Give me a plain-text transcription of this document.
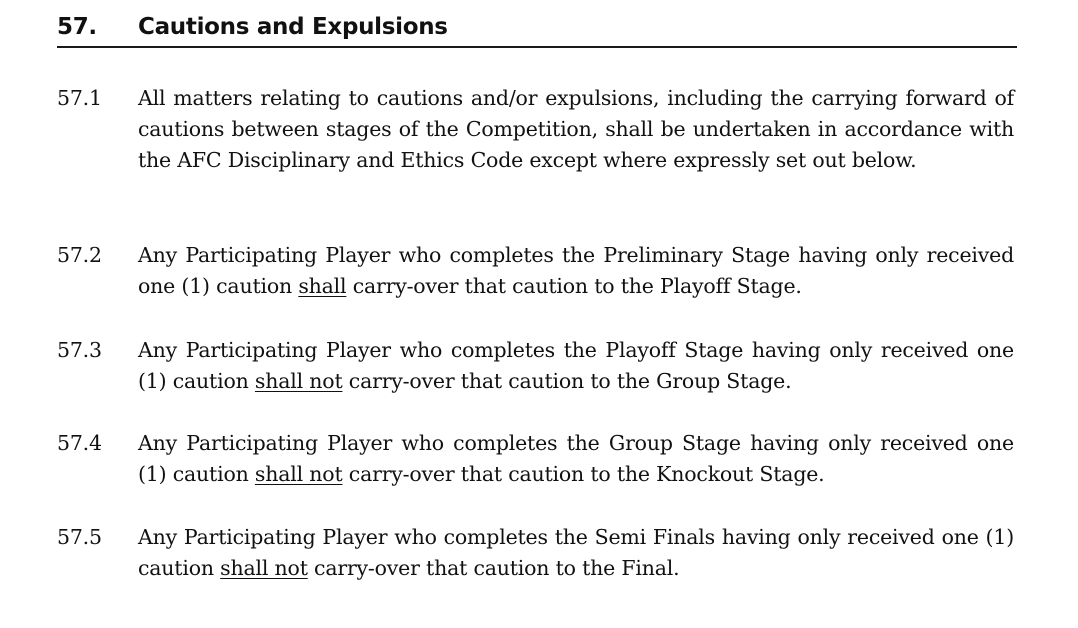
57. Cautions and Expulsions
57.1	All matters relating to cautions and/or expulsions, including the carrying forward of cautions between stages of the Competition, shall be undertaken in accordance with the AFC Disciplinary and Ethics Code except where expressly set out below.
57.2	Any Participating Player who completes the Preliminary Stage having only received one (1) caution shall carry-over that caution to the Playoff Stage.
57.3	Any Participating Player who completes the Playoff Stage having only received one (1) caution shall not carry-over that caution to the Group Stage.
57.4	Any Participating Player who completes the Group Stage having only received one (1) caution shall not carry-over that caution to the Knockout Stage.
57.5	Any Participating Player who completes the Semi Finals having only received one (1) caution shall not carry-over that caution to the Final.
